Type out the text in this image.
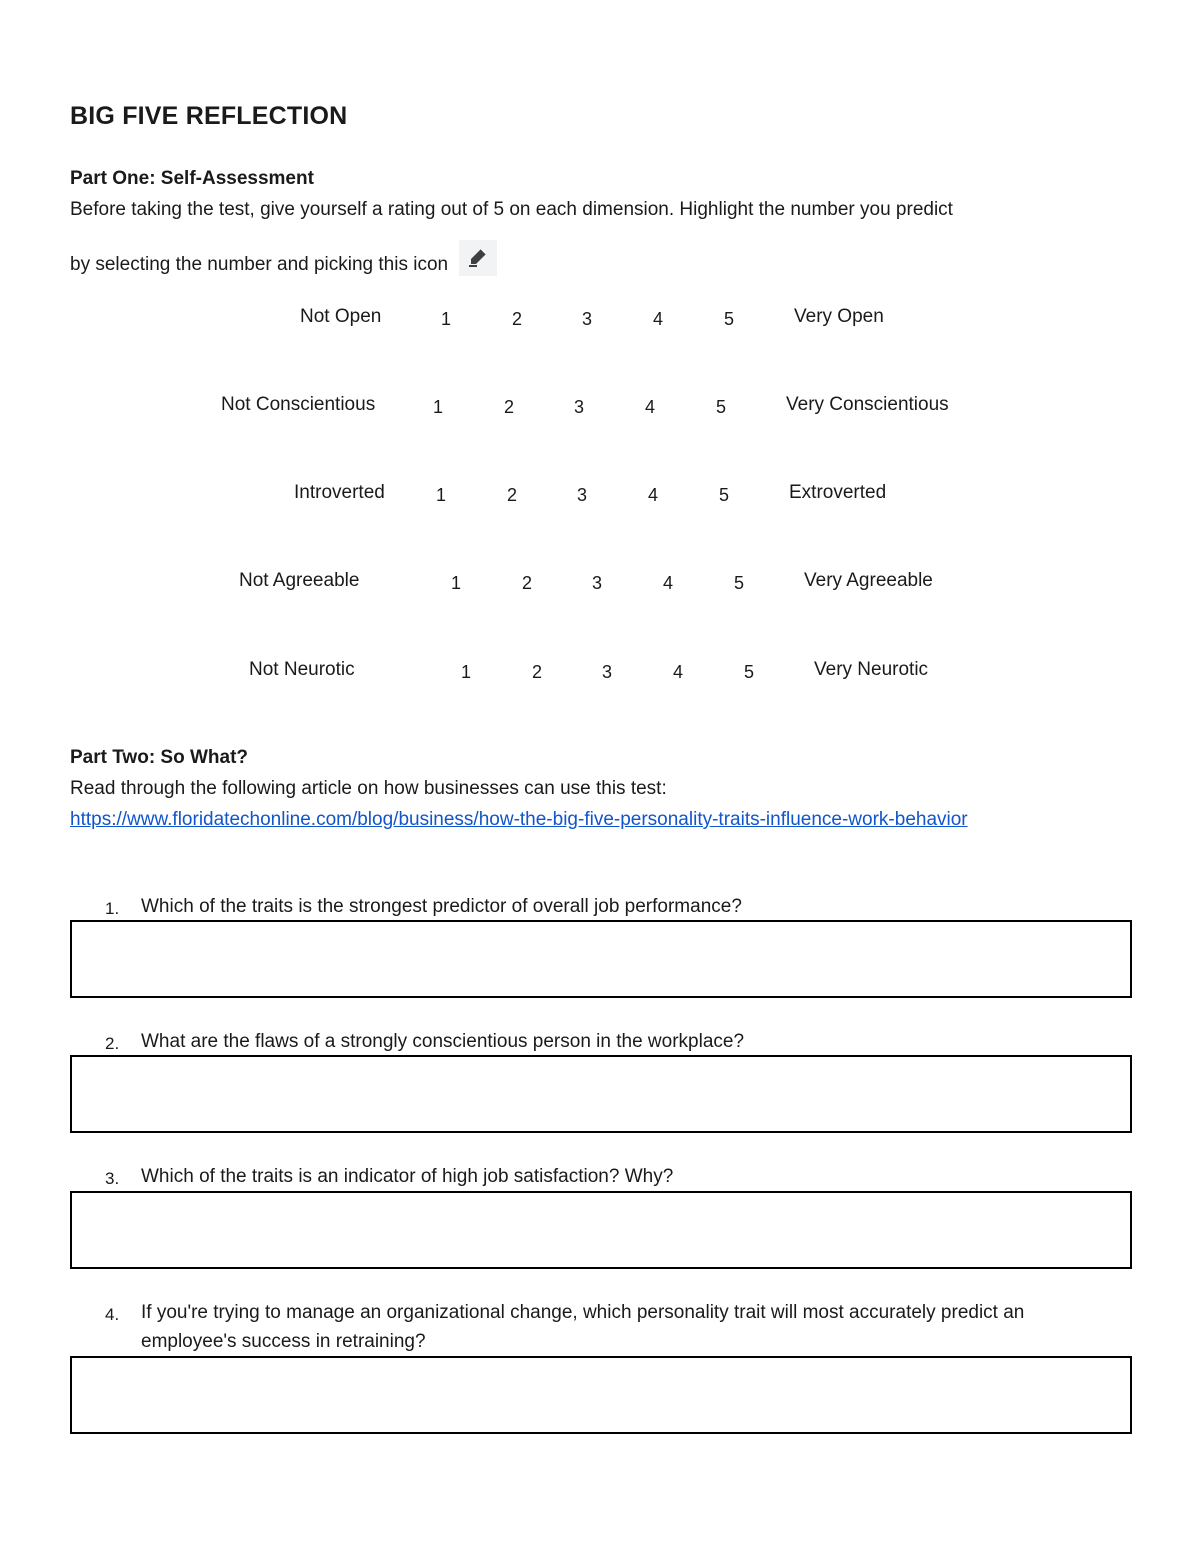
BIG FIVE REFLECTION
Part One: Self-Assessment
Before taking the test, give yourself a rating out of 5 on each dimension. Highlight the number you predict
by selecting the number and picking this icon
Not Open	1	2	3	4	5	Very Open
Not Conscientious	1	2	3	4	5	Very Conscientious
Introverted	1	2	3	4	5	Extroverted
Not Agreeable	1	2	3	4	5	Very Agreeable
Not Neurotic	1	2	3	4	5	Very Neurotic
Part Two: So What?
Read through the following article on how businesses can use this test:
https://www.floridatechonline.com/blog/business/how-the-big-five-personality-traits-influence-work-behavior
1. Which of the traits is the strongest predictor of overall job performance?
2. What are the flaws of a strongly conscientious person in the workplace?
3. Which of the traits is an indicator of high job satisfaction? Why?
4. If you're trying to manage an organizational change, which personality trait will most accurately predict an employee's success in retraining?
